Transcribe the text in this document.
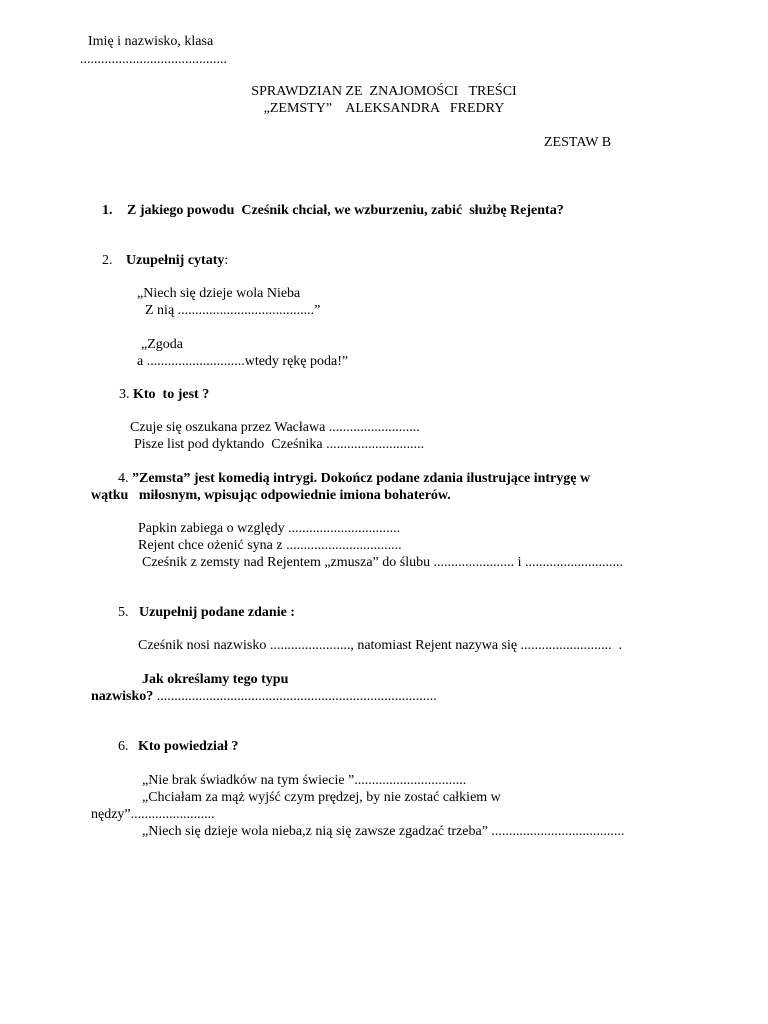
Imię i nazwisko, klasa
..........................................
SPRAWDZIAN ZE  ZNAJOMOŚCI   TREŚCI
„ZEMSTY”    ALEKSANDRA   FREDRY
ZESTAW B
1. Z jakiego powodu  Cześnik chciał, we wzburzeniu, zabić  służbę Rejenta?
2. Uzupełnij cytaty:
„Niech się dzieje wola Nieba
Z nią .......................................”
„Zgoda
a ............................wtedy rękę poda!”
3. Kto  to jest ?
Czuje się oszukana przez Wacława ..........................
Pisze list pod dyktando  Cześnika ............................
4. ”Zemsta” jest komedią intrygi. Dokończ podane zdania ilustrujące intrygę w
wątku   miłosnym, wpisując odpowiednie imiona bohaterów.
Papkin zabiega o względy ................................
Rejent chce ożenić syna z .................................
Cześnik z zemsty nad Rejentem „zmusza” do ślubu ....................... i ............................
5. Uzupełnij podane zdanie :
Cześnik nosi nazwisko ......................., natomiast Rejent nazywa się ..........................  .
Jak określamy tego typu
nazwisko? ................................................................................
6. Kto powiedział ?
„Nie brak świadków na tym świecie ”................................
„Chciałam za mąż wyjść czym prędzej, by nie zostać całkiem w
nędzy”........................
„Niech się dzieje wola nieba,z nią się zawsze zgadzać trzeba” ......................................
